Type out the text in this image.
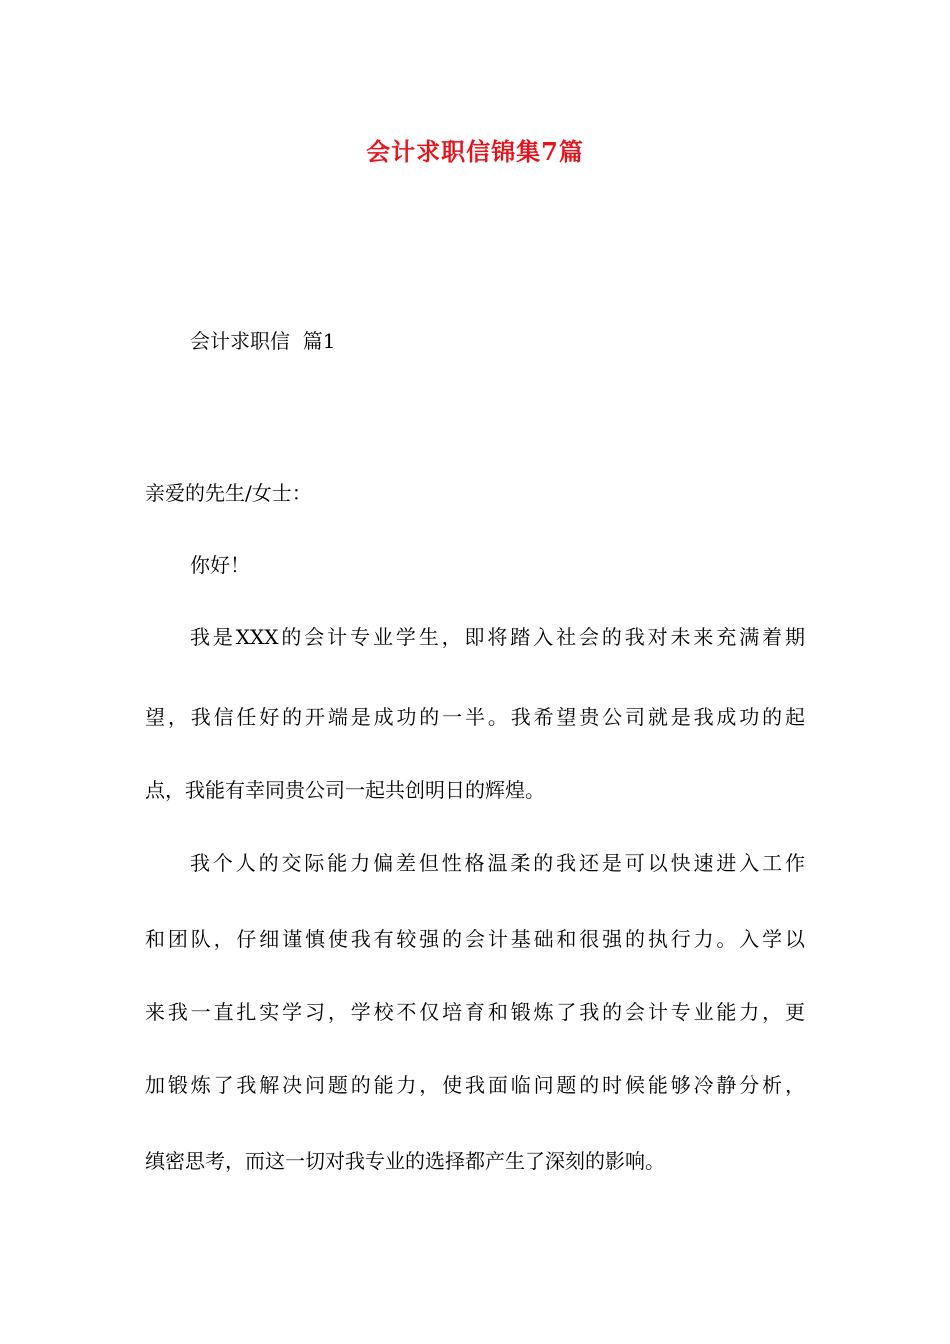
会计求职信锦集7篇
会计求职信  篇1
亲爱的先生/女士：
你好！
我是XXX的会计专业学生，即将踏入社会的我对未来充满着期
望，我信任好的开端是成功的一半。我希望贵公司就是我成功的起
点，我能有幸同贵公司一起共创明日的辉煌。
我个人的交际能力偏差但性格温柔的我还是可以快速进入工作
和团队，仔细谨慎使我有较强的会计基础和很强的执行力。入学以
来我一直扎实学习，学校不仅培育和锻炼了我的会计专业能力，更
加锻炼了我解决问题的能力，使我面临问题的时候能够冷静分析，
缜密思考，而这一切对我专业的选择都产生了深刻的影响。
